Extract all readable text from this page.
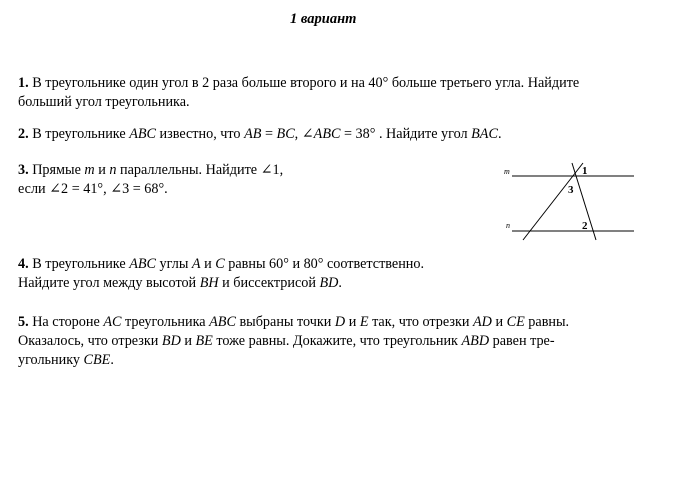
1 вариант
1. В треугольнике один угол в 2 раза больше второго и на 40° больше третьего угла. Найдите
больший угол треугольника.
2. В треугольнике ABC известно, что AB = BC, ∠ABC = 38° . Найдите угол BAC.
3. Прямые m и n параллельны. Найдите ∠1,
если ∠2 = 41°, ∠3 = 68°.
4. В треугольнике ABC углы A и C равны 60° и 80° соответственно.
Найдите угол между высотой BH и биссектрисой BD.
5. На стороне AC треугольника ABC выбраны точки D и E так, что отрезки AD и CE равны.
Оказалось, что отрезки BD и BE тоже равны. Докажите, что треугольник ABD равен тре-
угольнику CBE.
m
n
1
2
3
